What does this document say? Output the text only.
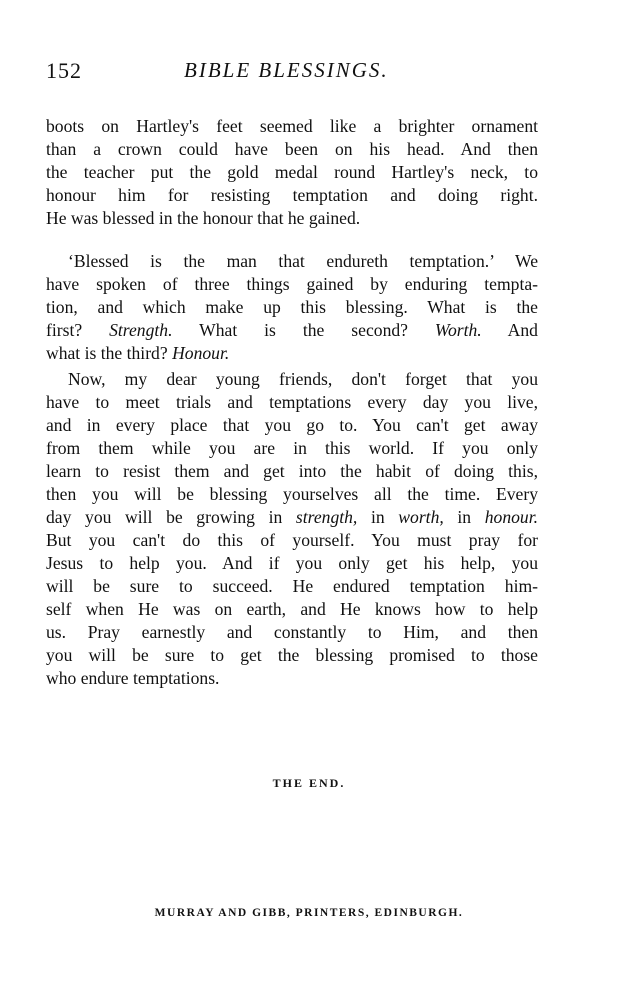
152	BIBLE BLESSINGS.
boots on Hartley's feet seemed like a brighter ornament
than a crown could have been on his head. And then
the teacher put the gold medal round Hartley's neck, to
honour him for resisting temptation and doing right.
He was blessed in the honour that he gained.
‘Blessed is the man that endureth temptation.’ We
have spoken of three things gained by enduring tempta-
tion, and which make up this blessing. What is the
first? Strength. What is the second? Worth. And
what is the third? Honour.
Now, my dear young friends, don't forget that you
have to meet trials and temptations every day you live,
and in every place that you go to. You can't get away
from them while you are in this world. If you only
learn to resist them and get into the habit of doing this,
then you will be blessing yourselves all the time. Every
day you will be growing in strength, in worth, in honour.
But you can't do this of yourself. You must pray for
Jesus to help you. And if you only get his help, you
will be sure to succeed. He endured temptation him-
self when He was on earth, and He knows how to help
us. Pray earnestly and constantly to Him, and then
you will be sure to get the blessing promised to those
who endure temptations.
THE END.
MURRAY AND GIBB, PRINTERS, EDINBURGH.
